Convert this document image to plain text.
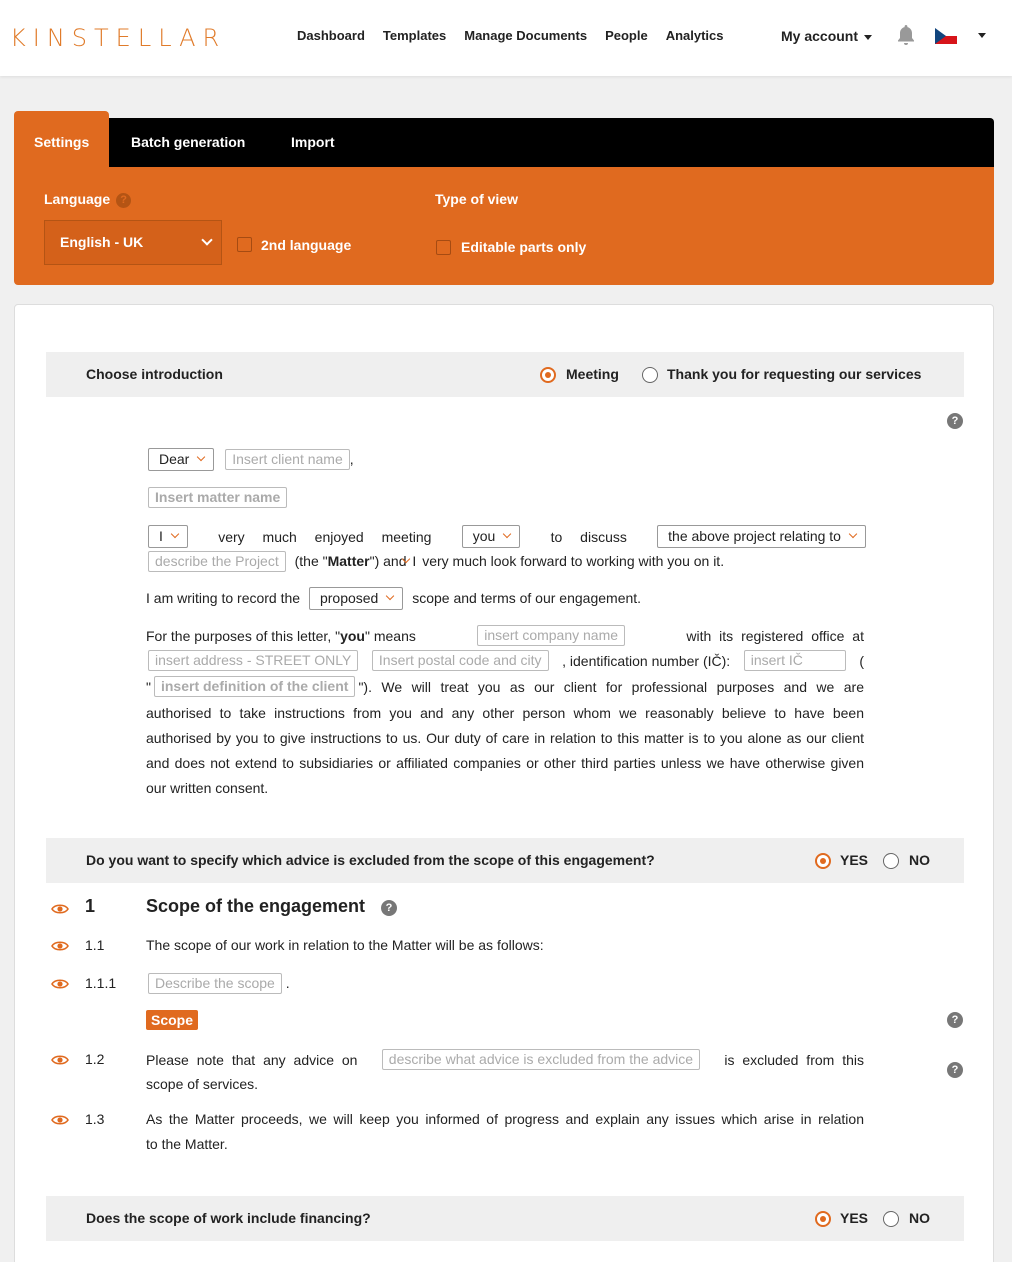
KINSTELLAR	Dashboard Templates Manage Documents People Analytics	My account
Settings	Batch generation	Import
Language ?
English - UK	2nd language
Type of view
Editable parts only
Choose introduction	Meeting	Thank you for requesting our services
?
Dear	Insert client name ,
Insert matter name
I	very much enjoyed meeting	you	to discuss	the above project relating to
describe the Project (the "Matter") and I very much look forward to working with you on it.
I am writing to record the proposed scope and terms of our engagement.
For the purposes of this letter, "you" means	insert company name	with its registered office at
insert address - STREET ONLY	Insert postal code and city	, identification number (IČ):	insert IČ	(
" insert definition of the client "). We will treat you as our client for professional purposes and we are
authorised to take instructions from you and any other person whom we reasonably believe to have been authorised by you to give instructions to us. Our duty of care in relation to this matter is to you alone as our client and does not extend to subsidiaries or affiliated companies or other third parties unless we have otherwise given our written consent.
Do you want to specify which advice is excluded from the scope of this engagement?	YES	NO
1	Scope of the engagement	?
1.1	The scope of our work in relation to the Matter will be as follows:
1.1.1	Describe the scope .
Scope	?
1.2	Please note that any advice on	describe what advice is excluded from the advice	is excluded from this
scope of services.
?
1.3	As the Matter proceeds, we will keep you informed of progress and explain any issues which arise in relation
to the Matter.
Does the scope of work include financing?	YES	NO
